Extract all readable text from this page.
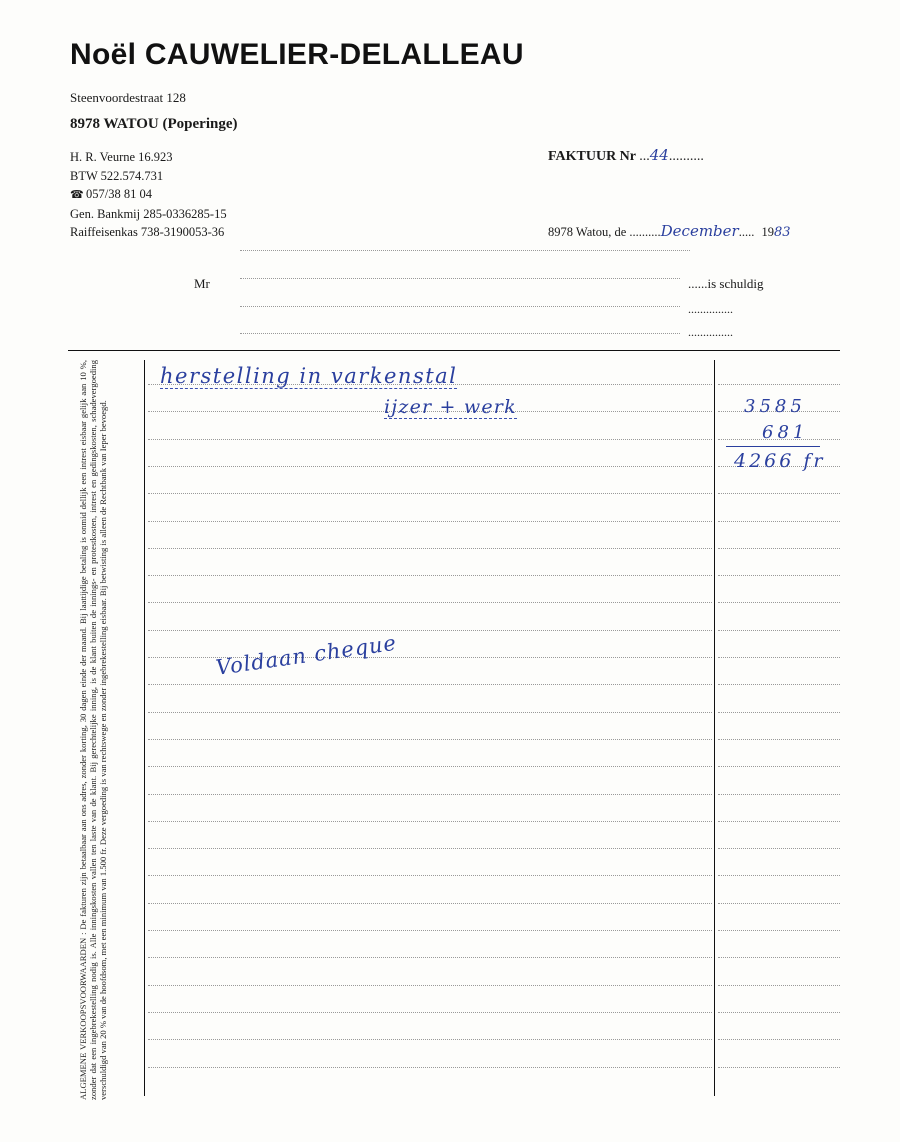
Noël CAUWELIER-DELALLEAU
Steenvoordestraat 128
8978 WATOU (Poperinge)
H. R. Veurne 16.923
BTW 522.574.731
☎ 057/38 81 04
Gen. Bankmij 285-0336285-15
Raiffeisenkas 738-3190053-36
FAKTUUR Nr ...44..........
8978 Watou, de ..........December..... 1983
Mr	......is schuldig
...............
...............
ALGEMENE VERKOOPSVOORWAARDEN : De fakturen zijn betaalbaar aan ons adres, zonder korting, 30 dagen einde der maand. Bij laattijdige betaling is onmid dellijk een intrest eisbaar gelijk aan 10 %, zonder dat een ingebrekestelling nodig is. Alle inningskosten vallen ten laste van de klant. Bij gerechtelijke inning, is de klant buiten de innings- en protestkosten, intrest en gedingskosten, schadevergoeding verschuldigd van 20 % van de hoofdsom, met een minimum van 1.500 fr. Deze vergoeding is van rechtswege en zonder ingebrekestelling eisbaar. Bij betwisting is alleen de Rechtbank van Ieper bevoegd.
herstelling in varkenstal
ijzer + werk	3585
681
4266 fr
Voldaan cheque
